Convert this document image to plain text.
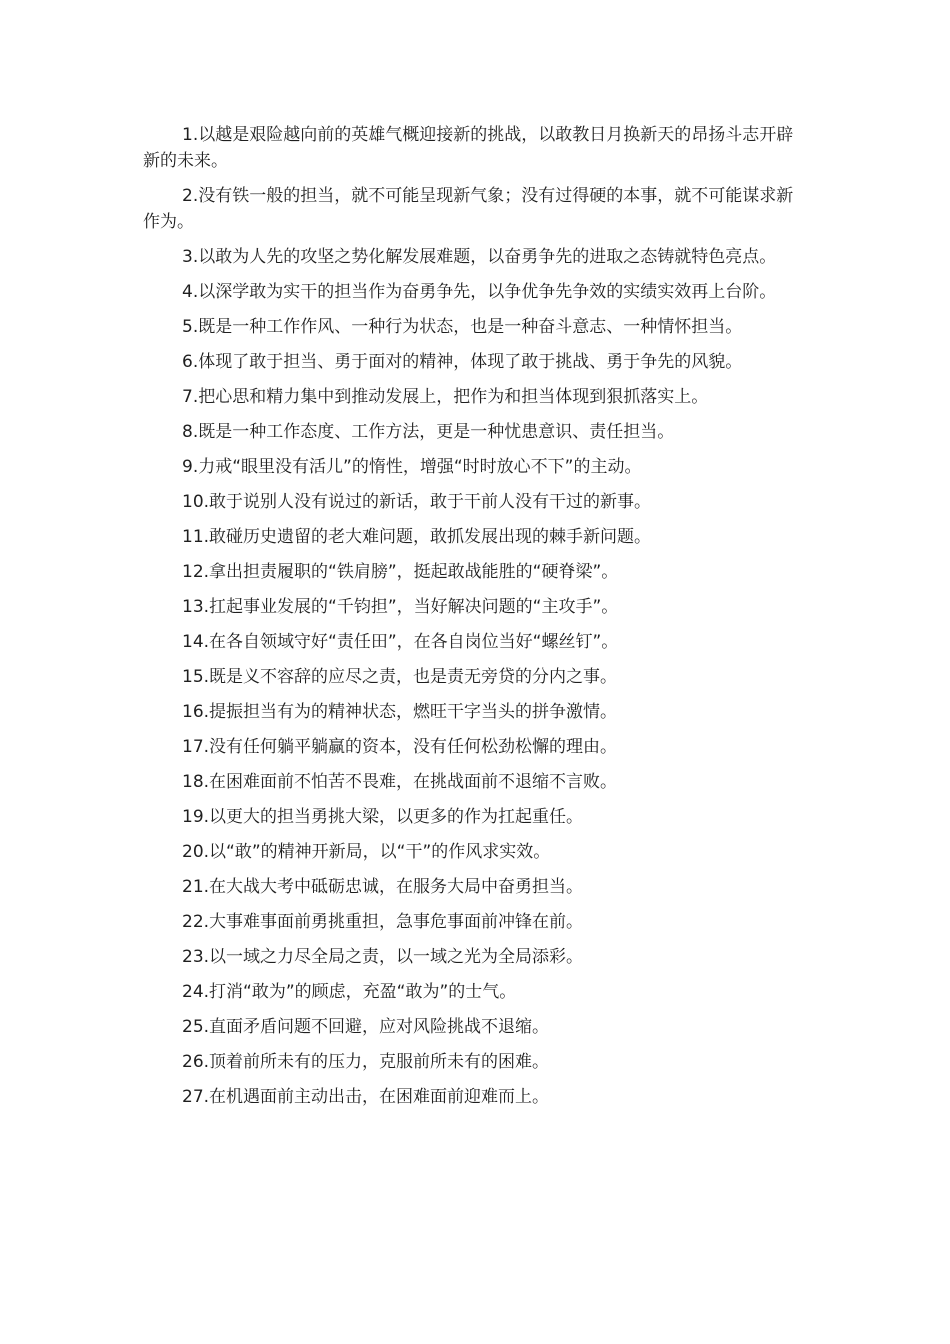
1.以越是艰险越向前的英雄气概迎接新的挑战，以敢教日月换新天的昂扬斗志开辟新的未来。

2.没有铁一般的担当，就不可能呈现新气象；没有过得硬的本事，就不可能谋求新作为。

3.以敢为人先的攻坚之势化解发展难题，以奋勇争先的进取之态铸就特色亮点。

4.以深学敢为实干的担当作为奋勇争先，以争优争先争效的实绩实效再上台阶。

5.既是一种工作作风、一种行为状态，也是一种奋斗意志、一种情怀担当。

6.体现了敢于担当、勇于面对的精神，体现了敢于挑战、勇于争先的风貌。

7.把心思和精力集中到推动发展上，把作为和担当体现到狠抓落实上。

8.既是一种工作态度、工作方法，更是一种忧患意识、责任担当。

9.力戒“眼里没有活儿”的惰性，增强“时时放心不下”的主动。

10.敢于说别人没有说过的新话，敢于干前人没有干过的新事。

11.敢碰历史遗留的老大难问题，敢抓发展出现的棘手新问题。

12.拿出担责履职的“铁肩膀”，挺起敢战能胜的“硬脊梁”。

13.扛起事业发展的“千钧担”，当好解决问题的“主攻手”。

14.在各自领域守好“责任田”，在各自岗位当好“螺丝钉”。

15.既是义不容辞的应尽之责，也是责无旁贷的分内之事。

16.提振担当有为的精神状态，燃旺干字当头的拼争激情。

17.没有任何躺平躺赢的资本，没有任何松劲松懈的理由。

18.在困难面前不怕苦不畏难，在挑战面前不退缩不言败。

19.以更大的担当勇挑大梁，以更多的作为扛起重任。

20.以“敢”的精神开新局，以“干”的作风求实效。

21.在大战大考中砥砺忠诚，在服务大局中奋勇担当。

22.大事难事面前勇挑重担，急事危事面前冲锋在前。

23.以一域之力尽全局之责，以一域之光为全局添彩。

24.打消“敢为”的顾虑，充盈“敢为”的士气。

25.直面矛盾问题不回避，应对风险挑战不退缩。

26.顶着前所未有的压力，克服前所未有的困难。

27.在机遇面前主动出击，在困难面前迎难而上。
